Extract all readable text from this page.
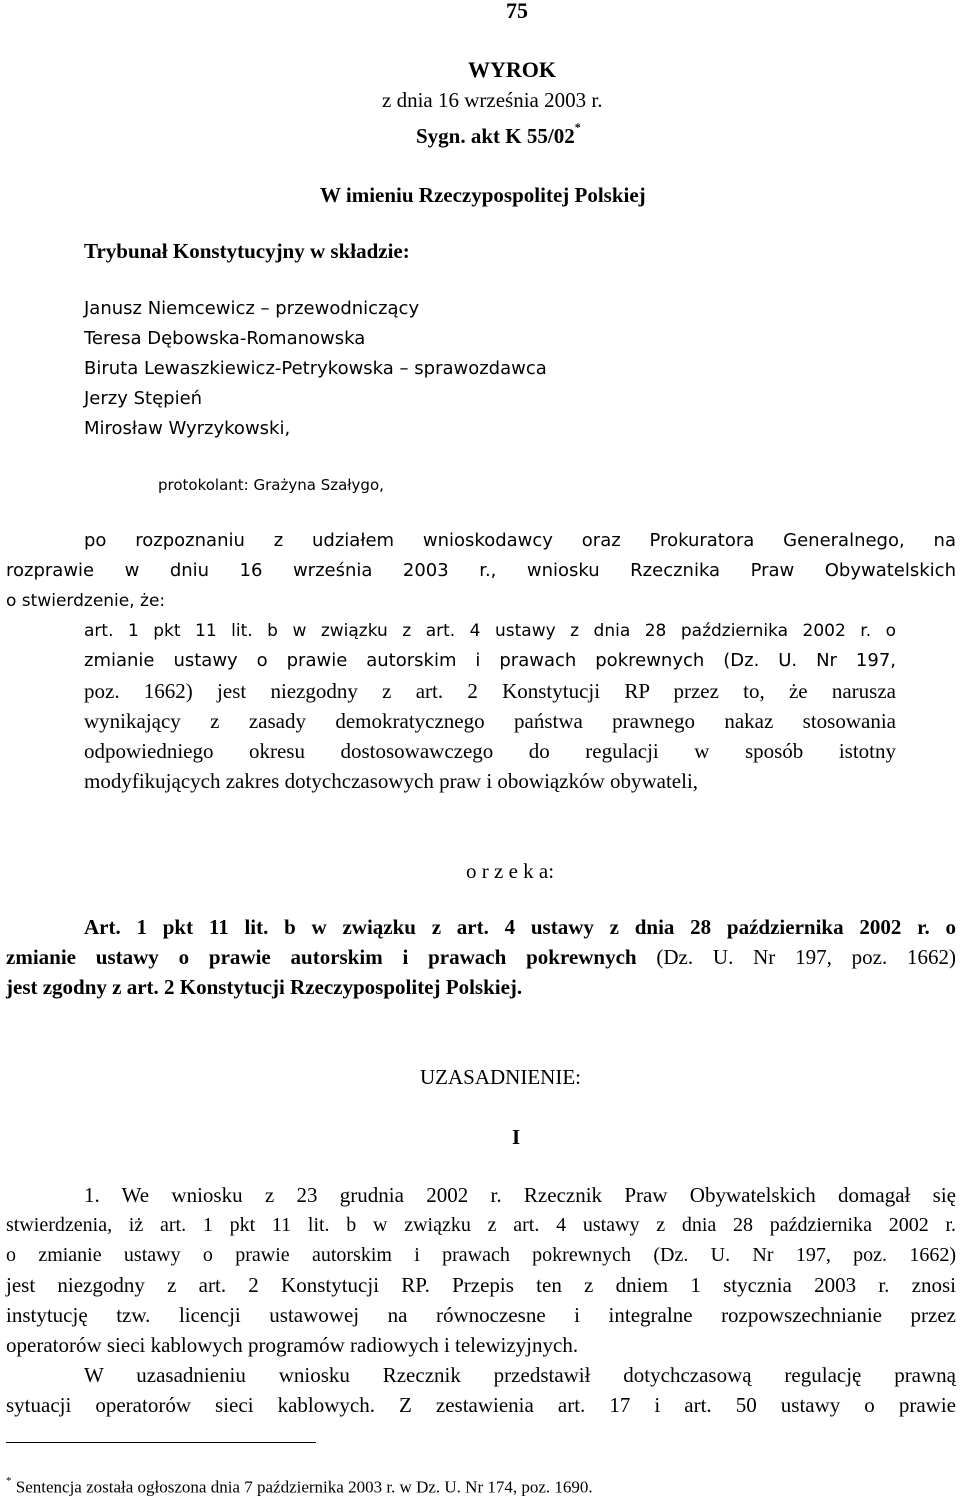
75
WYROK
z dnia 16 września 2003 r.
Sygn. akt K 55/02*
W imieniu Rzeczypospolitej Polskiej
Trybunał Konstytucyjny w składzie:
Janusz Niemcewicz – przewodniczący
Teresa Dębowska-Romanowska
Biruta Lewaszkiewicz-Petrykowska – sprawozdawca
Jerzy Stępień
Mirosław Wyrzykowski,
protokolant: Grażyna Szałygo,
po rozpoznaniu z udziałem wnioskodawcy oraz Prokuratora Generalnego, na
rozprawie w dniu 16 września 2003 r., wniosku Rzecznika Praw Obywatelskich
o stwierdzenie, że:
art. 1 pkt 11 lit. b w związku z art. 4 ustawy z dnia 28 października 2002 r. o
zmianie ustawy o prawie autorskim i prawach pokrewnych (Dz. U. Nr 197,
poz. 1662) jest niezgodny z art. 2 Konstytucji RP przez to, że narusza
wynikający z zasady demokratycznego państwa prawnego nakaz stosowania
odpowiedniego okresu dostosowawczego do regulacji w sposób istotny
modyfikujących zakres dotychczasowych praw i obowiązków obywateli,
o r z e k a:
Art. 1 pkt 11 lit. b w związku z art. 4 ustawy z dnia 28 października 2002 r. o
zmianie ustawy o prawie autorskim i prawach pokrewnych (Dz. U. Nr 197, poz. 1662)
jest zgodny z art. 2 Konstytucji Rzeczypospolitej Polskiej.
UZASADNIENIE:
I
1. We wniosku z 23 grudnia 2002 r. Rzecznik Praw Obywatelskich domagał się
stwierdzenia, iż art. 1 pkt 11 lit. b w związku z art. 4 ustawy z dnia 28 października 2002 r.
o zmianie ustawy o prawie autorskim i prawach pokrewnych (Dz. U. Nr 197, poz. 1662)
jest niezgodny z art. 2 Konstytucji RP. Przepis ten z dniem 1 stycznia 2003 r. znosi
instytucję tzw. licencji ustawowej na równoczesne i integralne rozpowszechnianie przez
operatorów sieci kablowych programów radiowych i telewizyjnych.
W uzasadnieniu wniosku Rzecznik przedstawił dotychczasową regulację prawną
sytuacji operatorów sieci kablowych. Z zestawienia art. 17 i art. 50 ustawy o prawie
* Sentencja została ogłoszona dnia 7 października 2003 r. w Dz. U. Nr 174, poz. 1690.
